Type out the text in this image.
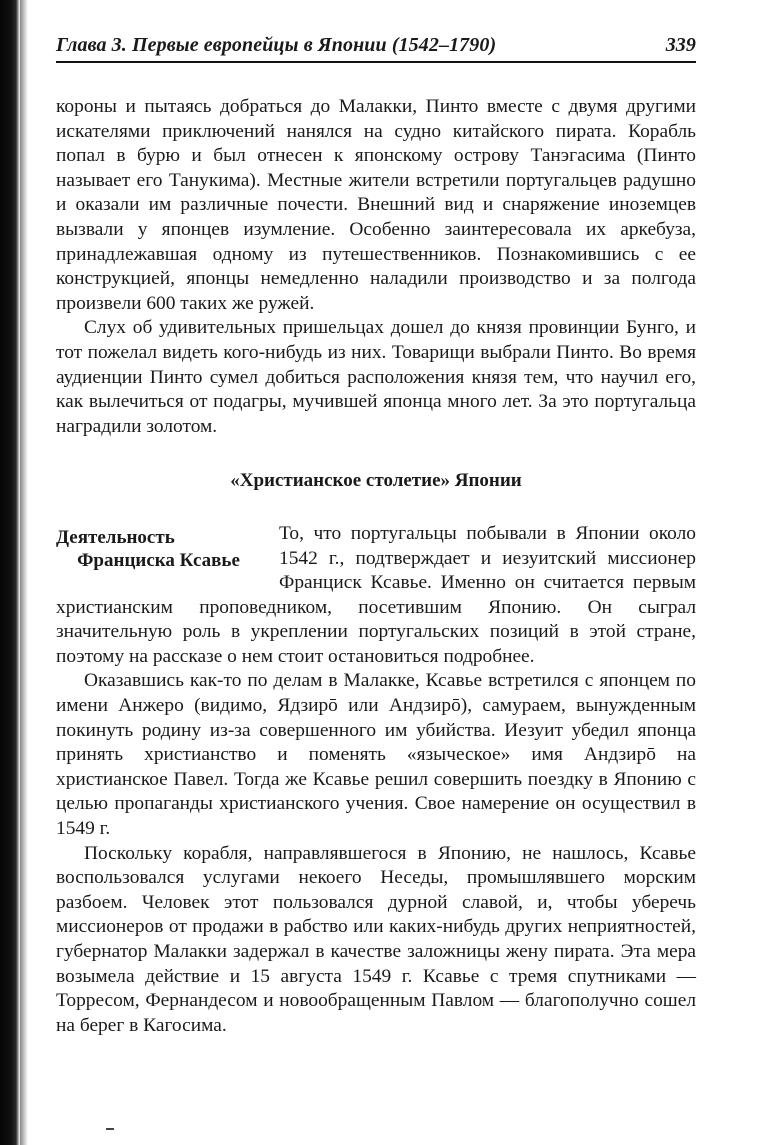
Глава 3. Первые европейцы в Японии (1542–1790)	339

короны и пытаясь добраться до Малакки, Пинто вместе с двумя другими искателями приключений нанялся на судно китайского пирата. Корабль попал в бурю и был отнесен к японскому острову Танэгасима (Пинто называет его Танукима). Местные жители встретили португальцев радушно и оказали им различные почести. Внешний вид и снаряжение иноземцев вызвали у японцев изумление. Особенно заинтересовала их аркебуза, принадлежавшая одному из путешественников. Познакомившись с ее конструкцией, японцы немедленно наладили производство и за полгода произвели 600 таких же ружей.

Слух об удивительных пришельцах дошел до князя провинции Бунго, и тот пожелал видеть кого-нибудь из них. Товарищи выбрали Пинто. Во время аудиенции Пинто сумел добиться расположения князя тем, что научил его, как вылечиться от подагры, мучившей японца много лет. За это португальца наградили золотом.

«Христианское столетие» Японии
Деятельность
Франциска Ксавье

То, что португальцы побывали в Японии около 1542 г., подтверждает и иезуитский миссионер Франциск Ксавье. Именно он считается первым христианским проповедником, посетившим Японию. Он сыграл значительную роль в укреплении португальских позиций в этой стране, поэтому на рассказе о нем стоит остановиться подробнее.

Оказавшись как-то по делам в Малакке, Ксавье встретился с японцем по имени Анжеро (видимо, Ядзирō или Андзирō), самураем, вынужденным покинуть родину из-за совершенного им убийства. Иезуит убедил японца принять христианство и поменять «языческое» имя Андзирō на христианское Павел. Тогда же Ксавье решил совершить поездку в Японию с целью пропаганды христианского учения. Свое намерение он осуществил в 1549 г.

Поскольку корабля, направлявшегося в Японию, не нашлось, Ксавье воспользовался услугами некоего Неседы, промышлявшего морским разбоем. Человек этот пользовался дурной славой, и, чтобы уберечь миссионеров от продажи в рабство или каких-нибудь других неприятностей, губернатор Малакки задержал в качестве заложницы жену пирата. Эта мера возымела действие и 15 августа 1549 г. Ксавье с тремя спутниками — Торресом, Фернандесом и новообращенным Павлом — благополучно сошел на берег в Кагосима.
